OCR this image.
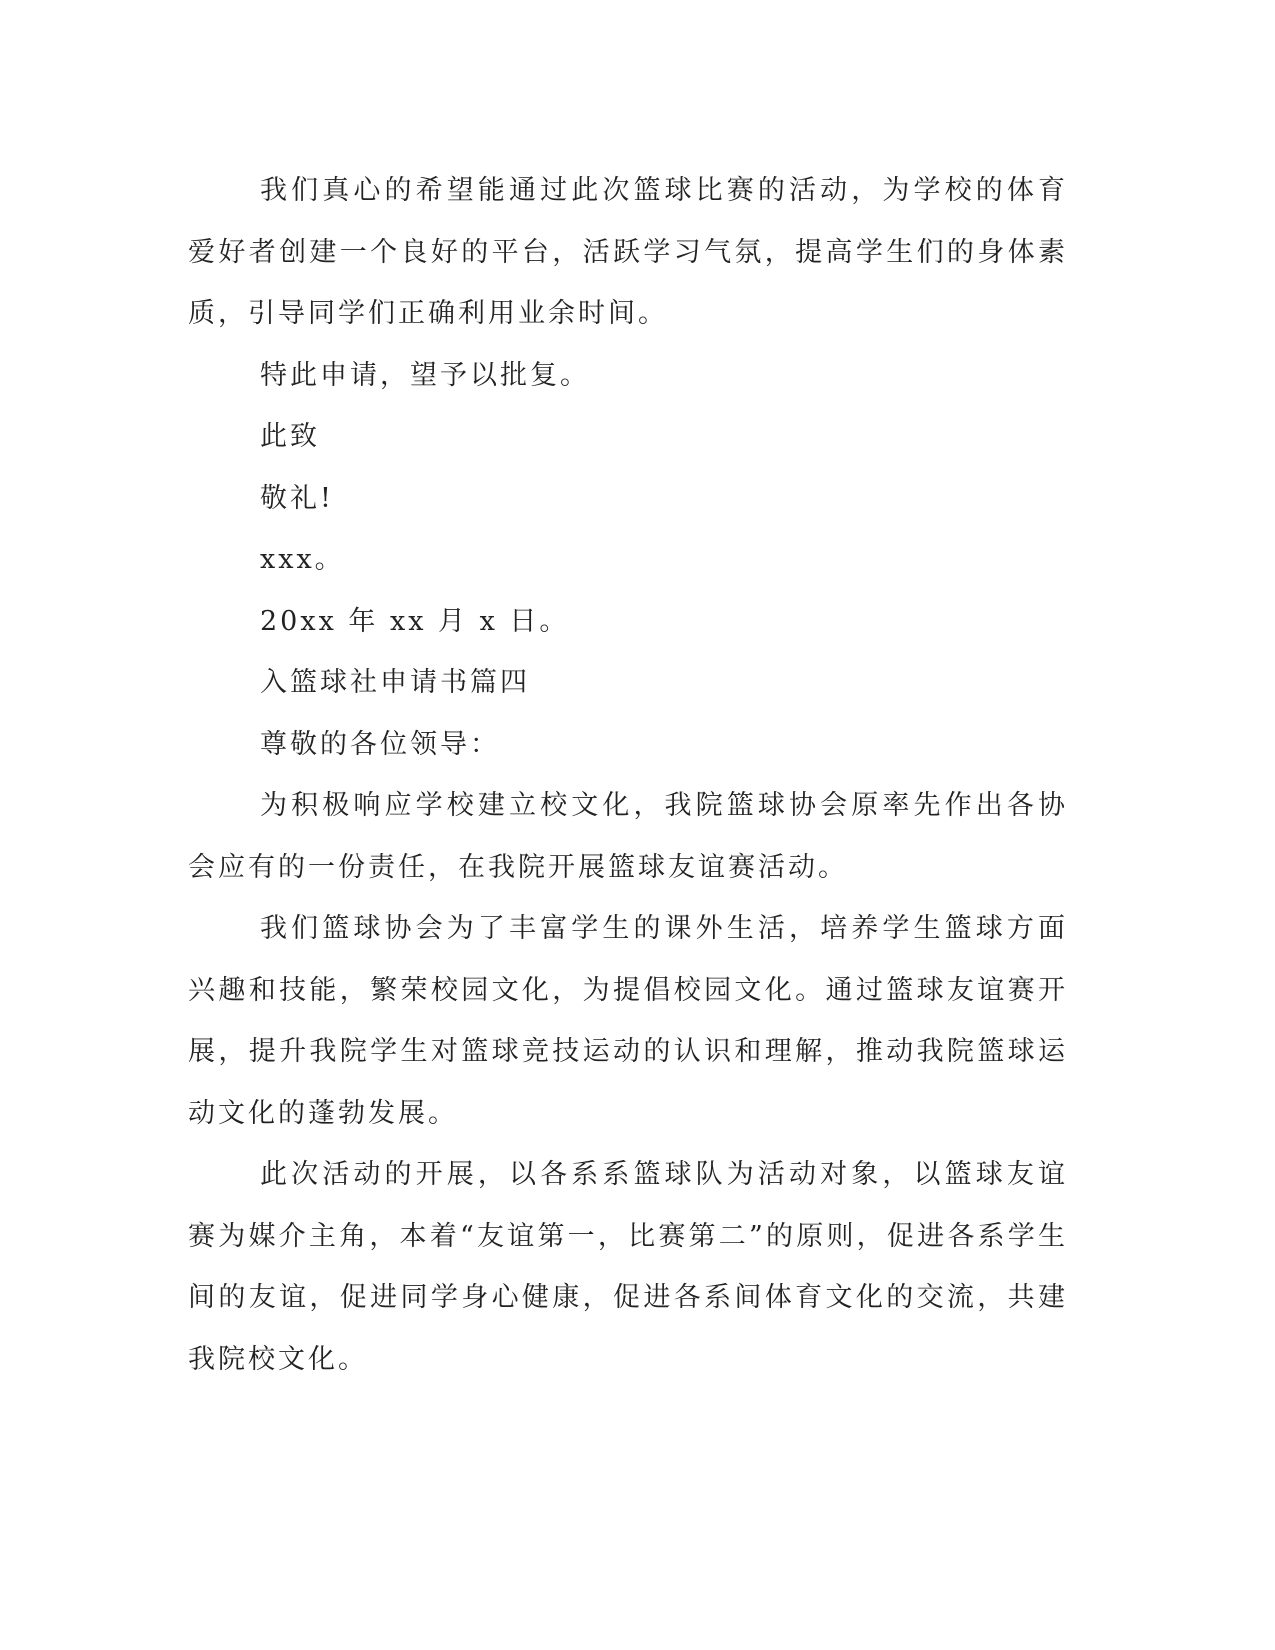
我们真心的希望能通过此次篮球比赛的活动，为学校的体育爱好者创建一个良好的平台，活跃学习气氛，提高学生们的身体素质，引导同学们正确利用业余时间。

特此申请，望予以批复。

此致

敬礼!

xxx。

20xx 年 xx 月 x 日。

入篮球社申请书篇四

尊敬的各位领导：

为积极响应学校建立校文化，我院篮球协会原率先作出各协会应有的一份责任，在我院开展篮球友谊赛活动。

我们篮球协会为了丰富学生的课外生活，培养学生篮球方面兴趣和技能，繁荣校园文化，为提倡校园文化。通过篮球友谊赛开展，提升我院学生对篮球竞技运动的认识和理解，推动我院篮球运动文化的蓬勃发展。

此次活动的开展，以各系系篮球队为活动对象，以篮球友谊赛为媒介主角，本着“友谊第一，比赛第二”的原则，促进各系学生间的友谊，促进同学身心健康，促进各系间体育文化的交流，共建我院校文化。
